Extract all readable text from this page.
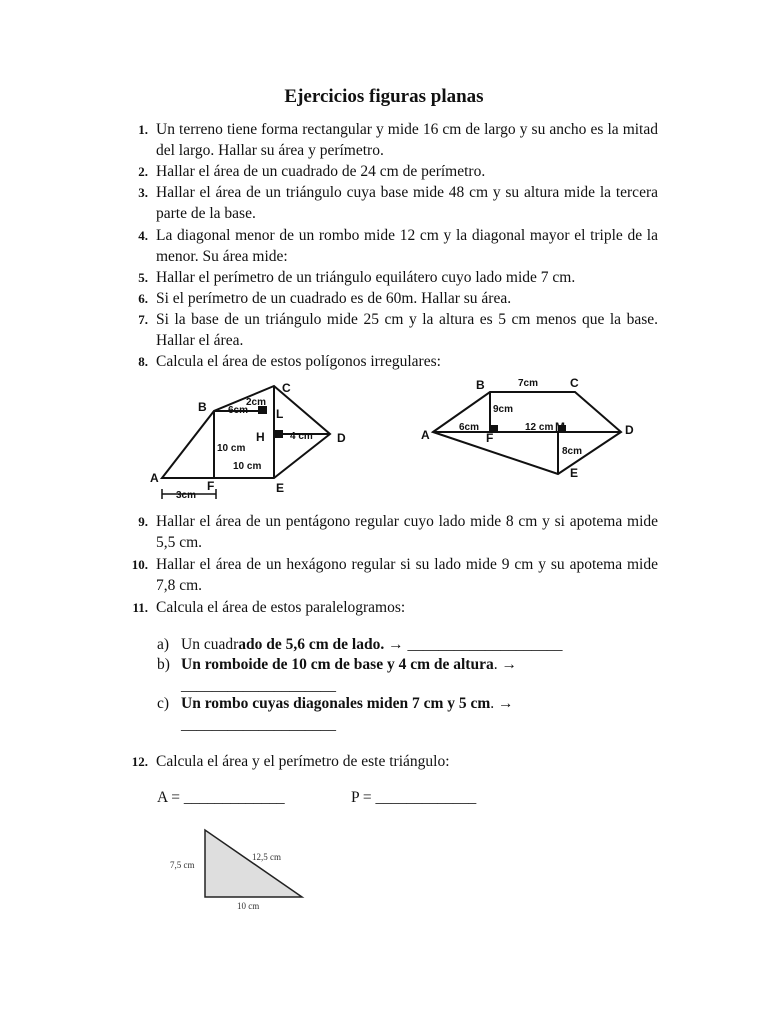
Ejercicios figuras planas
1. Un terreno tiene forma rectangular y mide 16 cm de largo y su ancho es la mitad del largo. Hallar su área y perímetro.
2. Hallar el área de un cuadrado de 24 cm de perímetro.
3. Hallar el área de un triángulo cuya base mide 48 cm y su altura mide la tercera parte de la base.
4. La diagonal menor de un rombo mide 12 cm y la diagonal mayor el triple de la menor. Su área mide:
5. Hallar el perímetro de un triángulo equilátero cuyo lado mide 7 cm.
6. Si el perímetro de un cuadrado es de 60m. Hallar su área.
7. Si la base de un triángulo mide 25 cm y la altura es 5 cm menos que la base. Hallar el área.
8. Calcula el área de estos polígonos irregulares:
A
B
C
D
E
F
H
L
2cm
6cm
4 cm
10 cm
10 cm
3cm
A
B	C
D
E
F
M
7cm
9cm
6cm	12 cm
8cm
9. Hallar el área de un pentágono regular cuyo lado mide 8 cm y si apotema mide 5,5 cm.
10. Hallar el área de un hexágono regular si su lado mide 9 cm y su apotema mide 7,8 cm.
11. Calcula el área de estos paralelogramos:
a) Un cuadrado de 5,6 cm de lado. → ____________________
b) Un romboide de 10 cm de base y 4 cm de altura. →
____________________
c) Un rombo cuyas diagonales miden 7 cm y 5 cm. →
____________________
12. Calcula el área y el perímetro de este triángulo:
A = _____________	P = _____________
7,5 cm
12,5 cm
10 cm
